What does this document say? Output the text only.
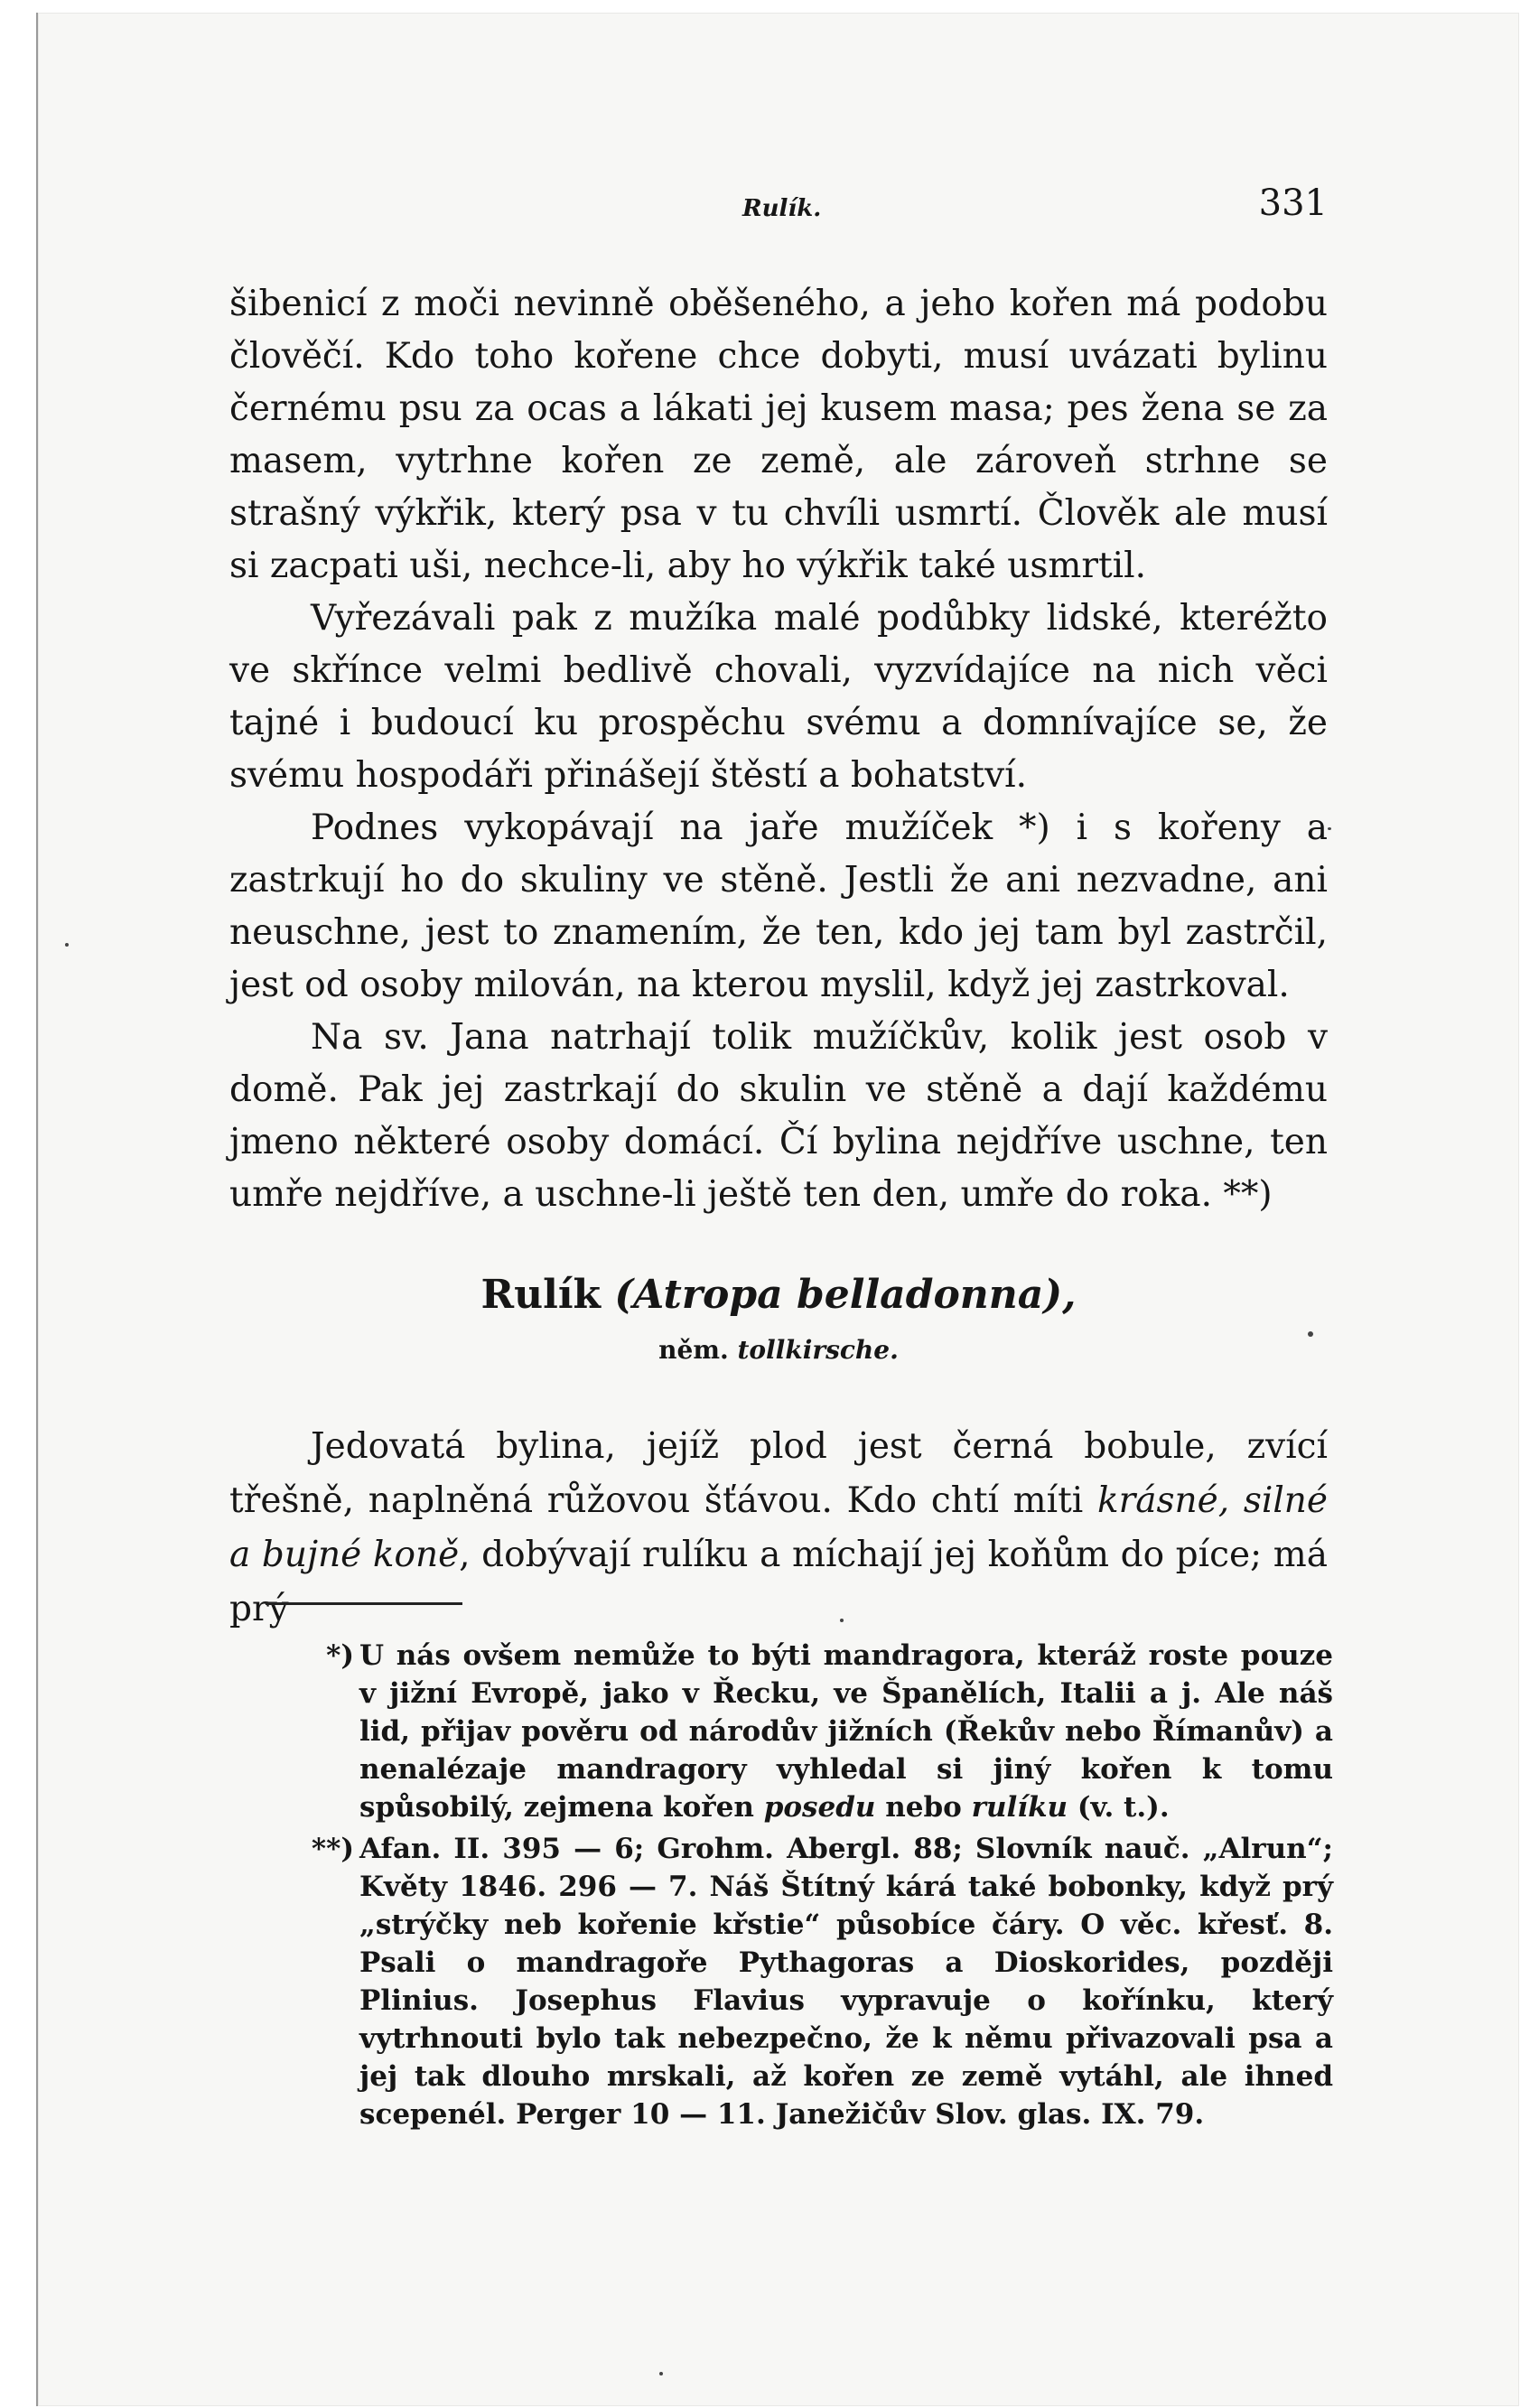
Rulík.	331

šibenicí z moči nevinně oběšeného, a jeho kořen má podobu člověčí. Kdo toho kořene chce dobyti, musí uvázati bylinu černému psu za ocas a lákati jej kusem masa; pes žena se za masem, vytrhne kořen ze země, ale zároveň strhne se strašný výkřik, který psa v tu chvíli usmrtí. Člověk ale musí si zacpati uši, nechce-li, aby ho výkřik také usmrtil.

Vyřezávali pak z mužíka malé podůbky lidské, kteréžto ve skřínce velmi bedlivě chovali, vyzvídajíce na nich věci tajné i budoucí ku prospěchu svému a domnívajíce se, že svému hospodáři přinášejí štěstí a bohatství.

Podnes vykopávají na jaře mužíček *) i s kořeny a zastrkují ho do skuliny ve stěně. Jestli že ani nezvadne, ani neuschne, jest to znamením, že ten, kdo jej tam byl zastrčil, jest od osoby milován, na kterou myslil, když jej zastrkoval.

Na sv. Jana natrhají tolik mužíčkův, kolik jest osob v domě. Pak jej zastrkají do skulin ve stěně a dají každému jmeno některé osoby domácí. Čí bylina nejdříve uschne, ten umře nejdříve, a uschne-li ještě ten den, umře do roka. **)

Rulík (Atropa belladonna),
něm. tollkirsche.

Jedovatá bylina, jejíž plod jest černá bobule, zvící třešně, naplněná růžovou šťávou. Kdo chtí míti krásné, silné a bujné koně, dobývají rulíku a míchají jej koňům do píce; má prý

*) U nás ovšem nemůže to býti mandragora, kteráž roste pouze v jižní Evropě, jako v Řecku, ve Španělích, Italii a j. Ale náš lid, přijav pověru od národův jižních (Řekův nebo Římanův) a nenalézaje mandragory vyhledal si jiný kořen k tomu spůsobilý, zejmena kořen posedu nebo rulíku (v. t.).
**) Afan. II. 395 — 6; Grohm. Abergl. 88; Slovník nauč. „Alrun“; Květy 1846. 296 — 7. Náš Štítný kárá také bobonky, když prý „strýčky neb kořenie křstie“ působíce čáry. O věc. křesť. 8. Psali o mandragoře Pythagoras a Dioskorides, později Plinius. Josephus Flavius vypravuje o kořínku, který vytrhnouti bylo tak nebezpečno, že k němu přivazovali psa a jej tak dlouho mrskali, až kořen ze země vytáhl, ale ihned scepenél. Perger 10 — 11. Janežičův Slov. glas. IX. 79.
